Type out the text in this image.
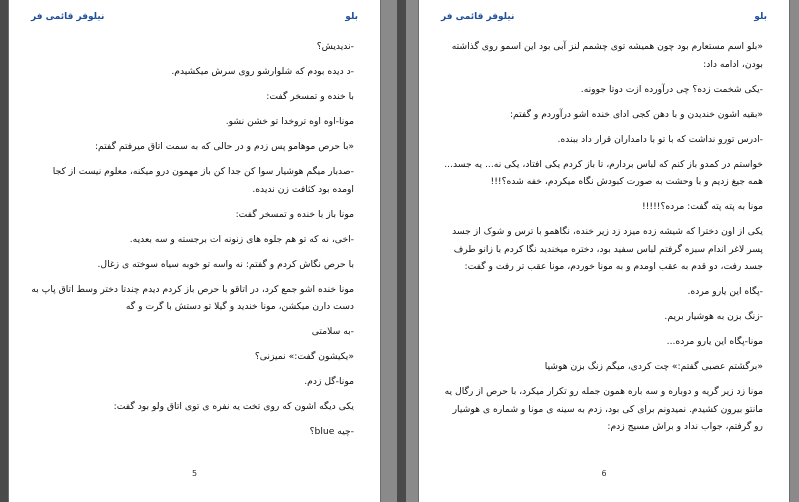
بلو
نیلوفر قائمی فر

-ندیدیش؟

-د دیده بودم که شلوارشو روی سرش میکشیدم.

با خنده و تمسخر گفت:

مونا-اوه اوه تروخدا تو خشن نشو.

«با حرص موهامو پس زدم و در حالی که به سمت اتاق میرفتم گفتم:

-صدبار میگم هوشیار سوا کن جدا کن باز مهمون درو میکنه، معلوم نیست از کجا اومده بود کثافت زن ندیده.

مونا باز با خنده و تمسخر گفت:

-اخی، نه که تو هم جلوه های زنونه ات برجسته و سه بعدیه.

با حرص نگاش کردم و گفتم: نه واسه تو خوبه سیاه سوخته ی زغال.

مونا خنده اشو جمع کرد، در اتاقو با حرص باز کردم دیدم چندتا دختر وسط اتاق پاپ به دست دارن میکشن، مونا خندید و گیلا تو دستش با گرت و گه

-به سلامتی

«یکیشون گفت:» نمیزنی؟

مونا-گل زدم.

یکی دیگه اشون که روی تخت یه نفره ی توی اتاق ولو بود گفت:

-چیه blue؟

5
بلو
نیلوفر قائمی فر

«بلو اسم مستعارم بود چون همیشه توی چشمم لنز آبی بود این اسمو روی گذاشته بودن، ادامه داد:

-یکی شخمت زده؟ چی درآورده ازت دوتا جوونه.

«بقیه اشون خندیدن و با دهن کجی ادای خنده اشو درآوردم و گفتم:

-ادرس تورو نداشت که با تو با دامداران قرار داد ببنده.

خواستم در کمدو باز کنم که لباس بردارم، تا باز کردم یکی افتاد، یکی نه... یه جسد... همه جیغ زدیم و با وحشت به صورت کبودش نگاه میکردم، خفه شده؟!!!

مونا به پته پته گفت: مرده؟!!!!!

یکی از اون دخترا که شیشه زده میزد زد زیر خنده، نگاهمو با ترس و شوک از جسد پسر لاغر اندام سبزه گرفتم لباس سفید بود، دختره میخندید نگا کردم با زانو طرف جسد رفت، دو قدم به عقب اومدم و به مونا خوردم، مونا عقب تر رفت و گفت:

-پگاه این یارو مرده.

-زنگ بزن به هوشیار بریم.

مونا-پگاه این یارو مرده...

«برگشتم عصبی گفتم:» چت کردی، میگم زنگ بزن هوشیا

مونا زد زیر گریه و دوباره و سه باره همون جمله رو تکرار میکرد، با حرص از رگال یه مانتو بیرون کشیدم. نمیدونم برای کی بود، زدم به سینه ی مونا و شماره ی هوشیار رو گرفتم، جواب نداد و براش مسیج زدم:

6
